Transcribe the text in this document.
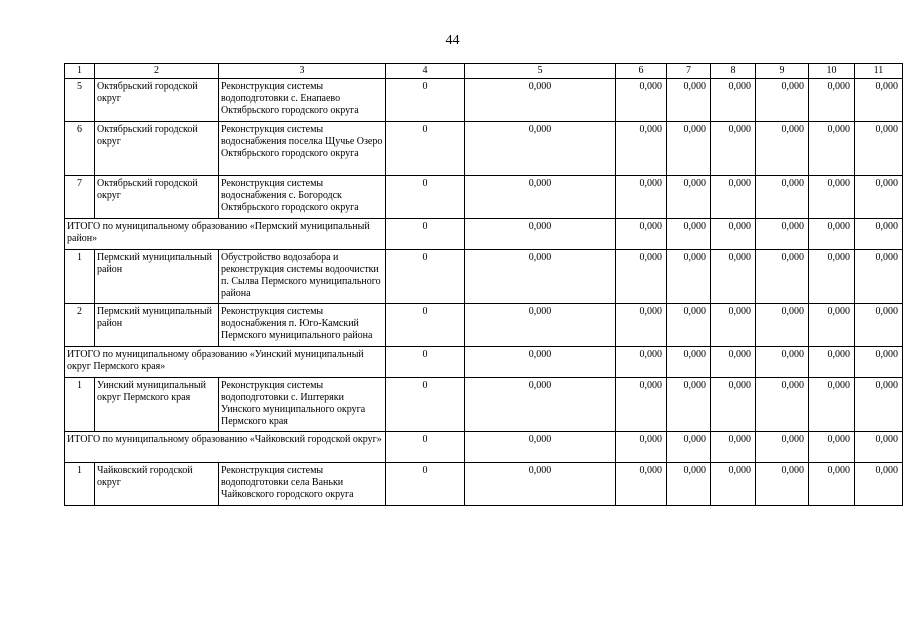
44
1	2	3	4	5	6	7	8	9	10	11
5	Октябрьский городской округ	Реконструкция системы водоподготовки с. Енапаево Октябрьского городского округа	0	0,000	0,000	0,000	0,000	0,000	0,000	0,000
6	Октябрьский городской округ	Реконструкция системы водоснабжения поселка Щучье Озеро Октябрьского городского округа	0	0,000	0,000	0,000	0,000	0,000	0,000	0,000
7	Октябрьский городской округ	Реконструкция системы водоснабжения с. Богородск Октябрьского городского округа	0	0,000	0,000	0,000	0,000	0,000	0,000	0,000
ИТОГО по муниципальному образованию «Пермский муниципальный район»			0	0,000	0,000	0,000	0,000	0,000	0,000	0,000
1	Пермский муниципальный район	Обустройство водозабора и реконструкция системы водоочистки п. Сылва Пермского муниципального района	0	0,000	0,000	0,000	0,000	0,000	0,000	0,000
2	Пермский муниципальный район	Реконструкция системы водоснабжения п. Юго-Камский Пермского муниципального района	0	0,000	0,000	0,000	0,000	0,000	0,000	0,000
ИТОГО по муниципальному образованию «Уинский муниципальный округ Пермского края»			0	0,000	0,000	0,000	0,000	0,000	0,000	0,000
1	Уинский муниципальный округ Пермского края	Реконструкция системы водоподготовки с. Иштеряки Уинского муниципального округа Пермского края	0	0,000	0,000	0,000	0,000	0,000	0,000	0,000
ИТОГО по муниципальному образованию «Чайковский городской округ»			0	0,000	0,000	0,000	0,000	0,000	0,000	0,000
1	Чайковский городской округ	Реконструкция системы водоподготовки села Ваньки Чайковского городского округа	0	0,000	0,000	0,000	0,000	0,000	0,000	0,000
